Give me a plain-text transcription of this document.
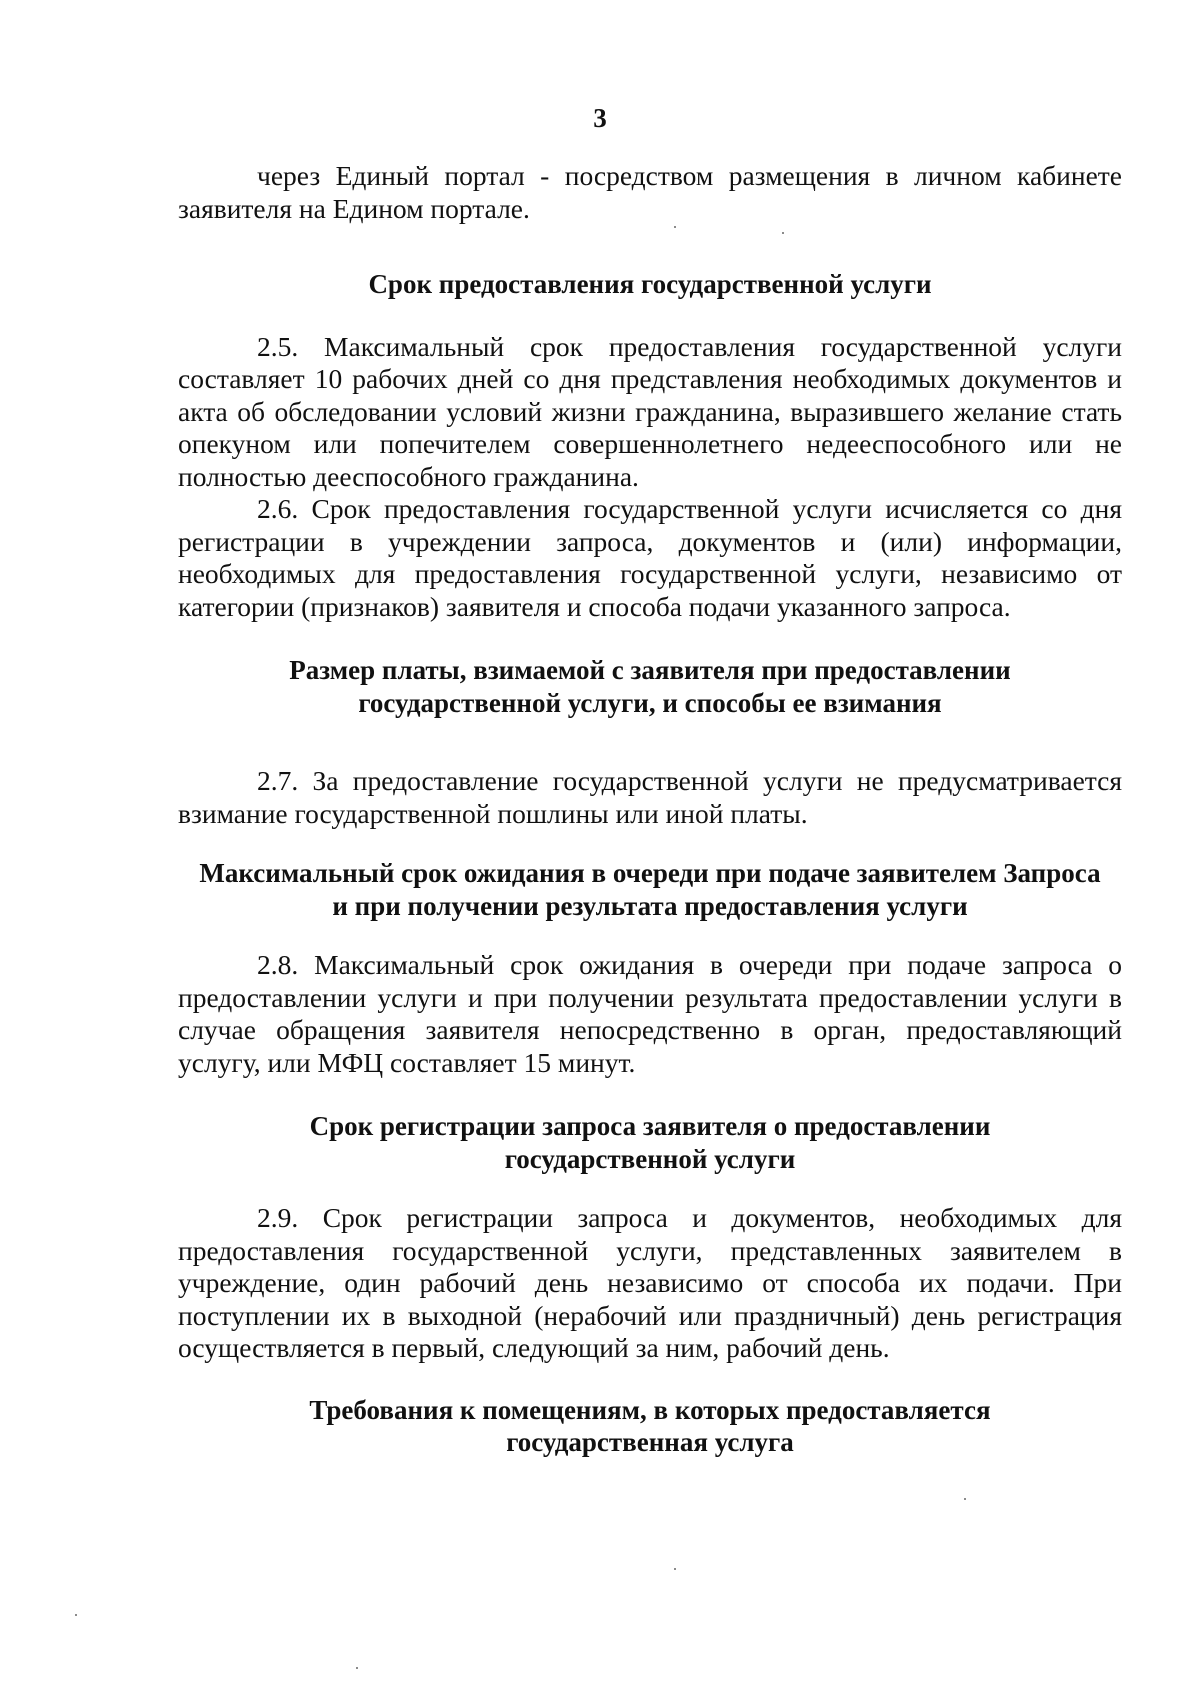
3

через Единый портал - посредством размещения в личном кабинете заявителя на Едином портале.

Срок предоставления государственной услуги

2.5. Максимальный срок предоставления государственной услуги составляет 10 рабочих дней со дня представления необходимых документов и акта об обследовании условий жизни гражданина, выразившего желание стать опекуном или попечителем совершеннолетнего недееспособного или не полностью дееспособного гражданина.

2.6. Срок предоставления государственной услуги исчисляется со дня регистрации в учреждении запроса, документов и (или) информации, необходимых для предоставления государственной услуги, независимо от категории (признаков) заявителя и способа подачи указанного запроса.

Размер платы, взимаемой с заявителя при предоставлении
государственной услуги, и способы ее взимания

2.7. За предоставление государственной услуги не предусматривается взимание государственной пошлины или иной платы.

Максимальный срок ожидания в очереди при подаче заявителем Запроса
и при получении результата предоставления услуги

2.8. Максимальный срок ожидания в очереди при подаче запроса о предоставлении услуги и при получении результата предоставлении услуги в случае обращения заявителя непосредственно в орган, предоставляющий услугу, или МФЦ составляет 15 минут.

Срок регистрации запроса заявителя о предоставлении
государственной услуги

2.9. Срок регистрации запроса и документов, необходимых для предоставления государственной услуги, представленных заявителем в учреждение, один рабочий день независимо от способа их подачи. При поступлении их в выходной (нерабочий или праздничный) день регистрация осуществляется в первый, следующий за ним, рабочий день.

Требования к помещениям, в которых предоставляется
государственная услуга
